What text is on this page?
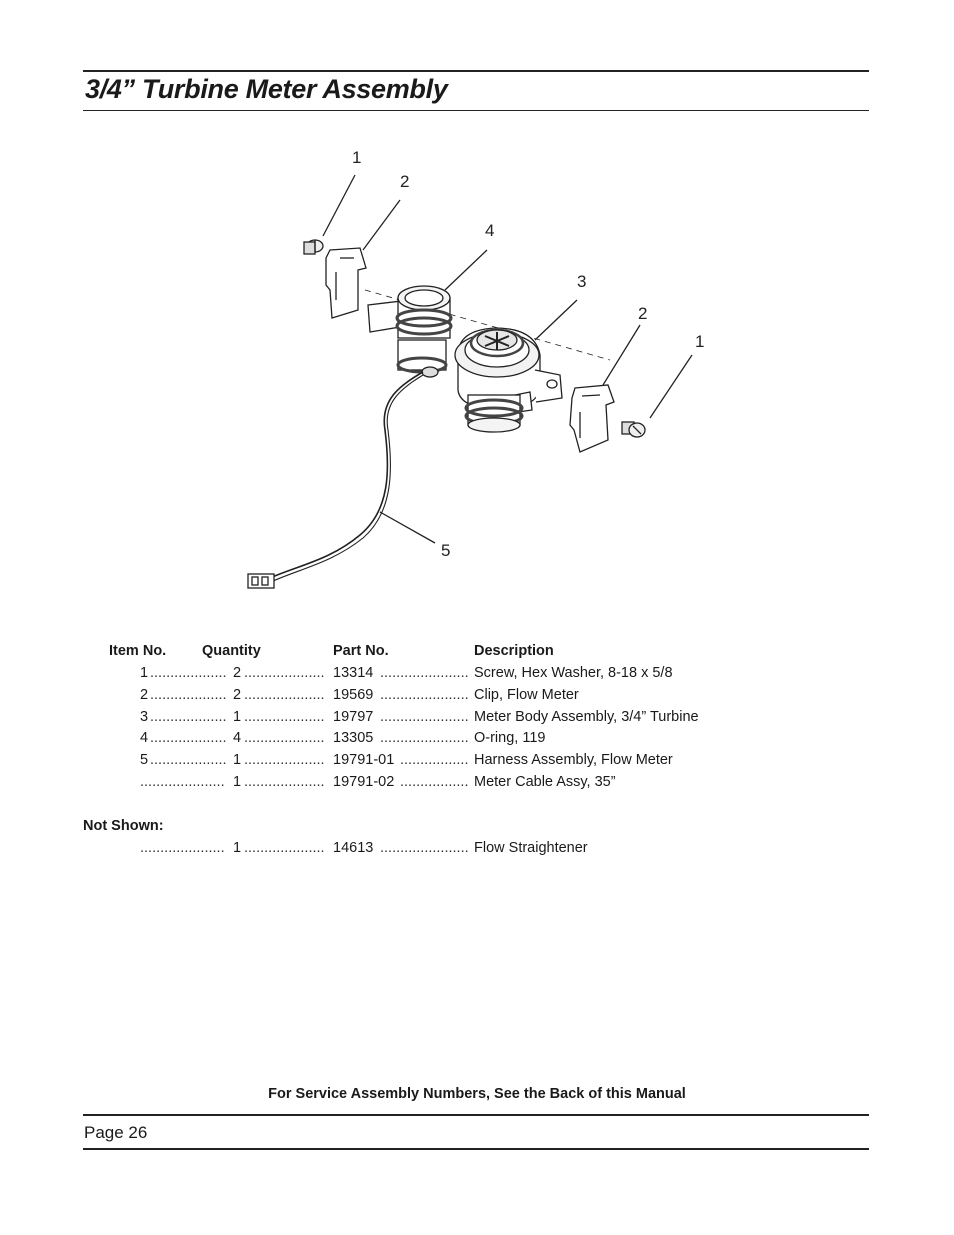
3/4” Turbine Meter Assembly
1
2
4
3
2
1
5
Item No. Quantity	Part No.	Description
1 ................... 2 .................... 13314 ...................... Screw, Hex Washer, 8-18 x 5/8
2 ................... 2 .................... 19569 ...................... Clip, Flow Meter
3 ................... 1 .................... 19797 ...................... Meter Body Assembly, 3/4” Turbine
4 ................... 4 .................... 13305 ...................... O-ring, 119
5 ................... 1 .................... 19791-01 ................. Harness Assembly, Flow Meter
..................... 1 .................... 19791-02 ................. Meter Cable Assy, 35”
Not Shown:
..................... 1 .................... 14613 ...................... Flow Straightener
For Service Assembly Numbers, See the Back of this Manual
Page 26
